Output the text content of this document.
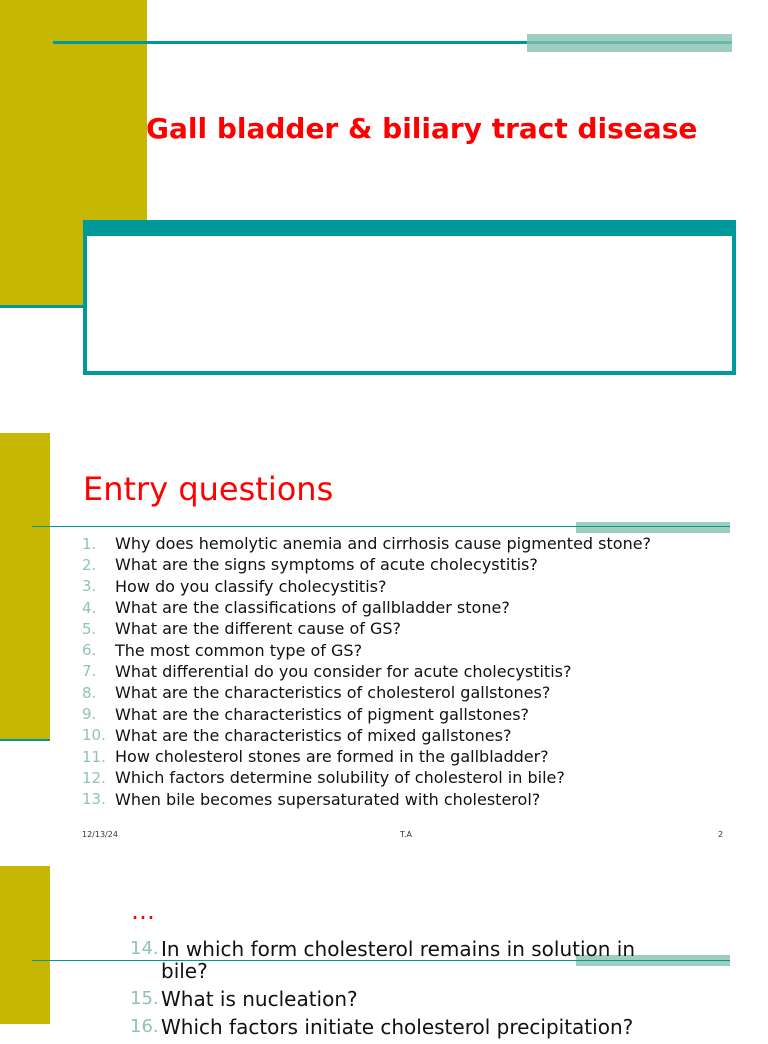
Gall bladder & biliary tract disease
Entry questions
1.	Why does hemolytic anemia and cirrhosis cause pigmented stone?
2.	What are the signs symptoms of acute cholecystitis?
3.	How do you classify cholecystitis?
4.	What are the classifications of gallbladder stone?
5.	What are the different cause of GS?
6.	The most common type of GS?
7.	What differential do you consider for acute cholecystitis?
8.	What are the characteristics of cholesterol gallstones?
9.	What are the characteristics of pigment gallstones?
10. What are the characteristics of mixed gallstones?
11. How cholesterol stones are formed in the gallbladder?
12. Which factors determine solubility of cholesterol in bile?
13. When bile becomes supersaturated with cholesterol?
12/13/24	T.A	2
…
14. In which form cholesterol remains in solution in bile?
15. What is nucleation?
16. Which factors initiate cholesterol precipitation?
